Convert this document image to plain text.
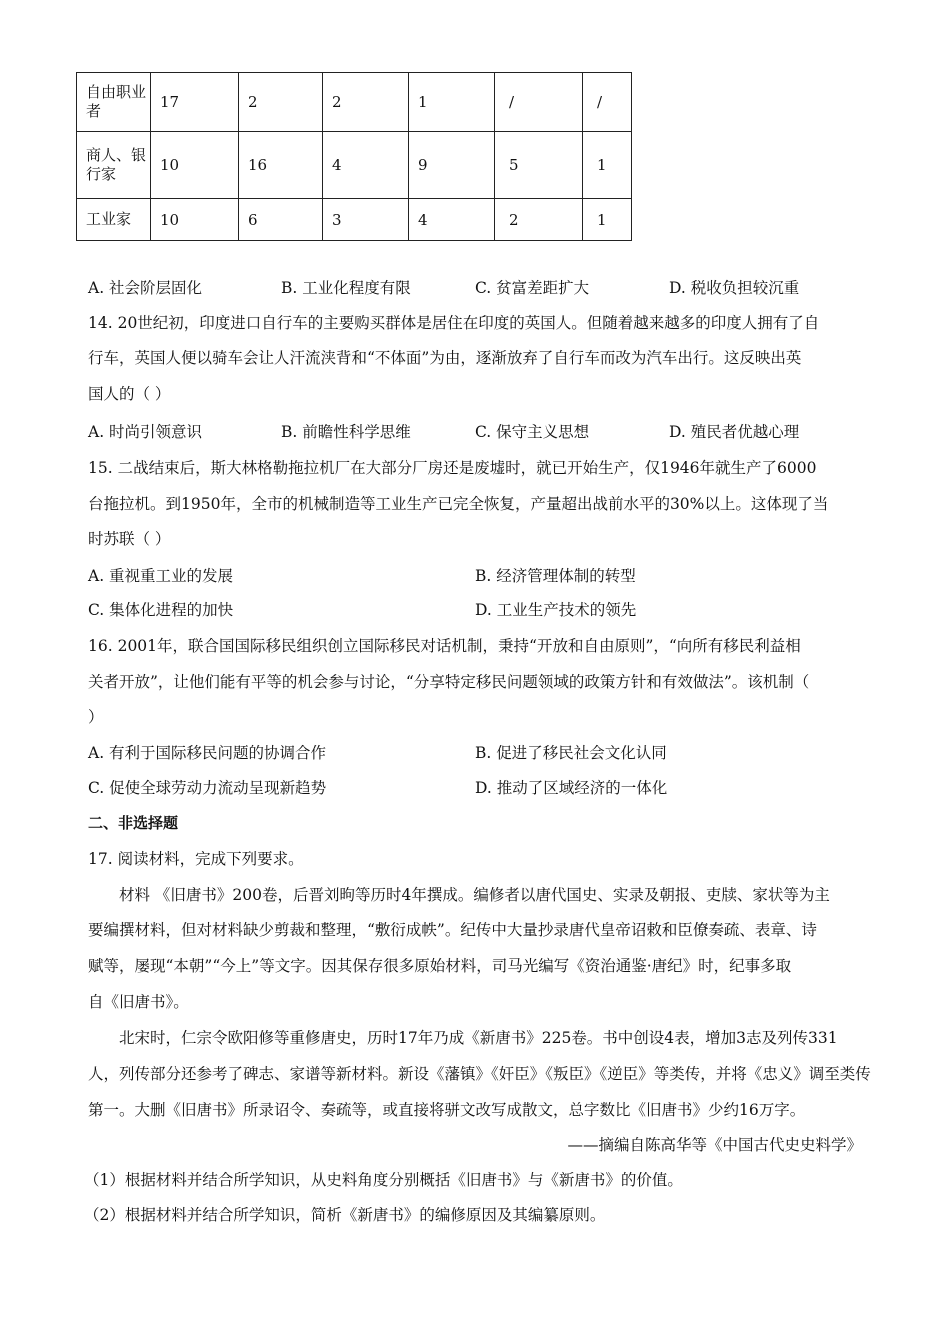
自由职业者	17	2	2	1	/	/
商人、银行家	10	16	4	9	5	1
工业家	10	6	3	4	2	1
A. 社会阶层固化	B. 工业化程度有限	C. 贫富差距扩大	D. 税收负担较沉重
14. 20世纪初，印度进口自行车的主要购买群体是居住在印度的英国人。但随着越来越多的印度人拥有了自
行车，英国人便以骑车会让人汗流浃背和“不体面”为由，逐渐放弃了自行车而改为汽车出行。这反映出英
国人的（ ）
A. 时尚引领意识	B. 前瞻性科学思维	C. 保守主义思想	D. 殖民者优越心理
15. 二战结束后，斯大林格勒拖拉机厂在大部分厂房还是废墟时，就已开始生产，仅1946年就生产了6000
台拖拉机。到1950年，全市的机械制造等工业生产已完全恢复，产量超出战前水平的30%以上。这体现了当
时苏联（ ）
A. 重视重工业的发展	B. 经济管理体制的转型
C. 集体化进程的加快	D. 工业生产技术的领先
16. 2001年，联合国国际移民组织创立国际移民对话机制，秉持“开放和自由原则”，“向所有移民利益相
关者开放”，让他们能有平等的机会参与讨论，“分享特定移民问题领域的政策方针和有效做法”。该机制（
）
A. 有利于国际移民问题的协调合作	B. 促进了移民社会文化认同
C. 促使全球劳动力流动呈现新趋势	D. 推动了区域经济的一体化
二、非选择题
17. 阅读材料，完成下列要求。
材料 《旧唐书》200卷，后晋刘昫等历时4年撰成。编修者以唐代国史、实录及朝报、吏牍、家状等为主
要编撰材料，但对材料缺少剪裁和整理，“敷衍成帙”。纪传中大量抄录唐代皇帝诏敕和臣僚奏疏、表章、诗
赋等，屡现“本朝”“今上”等文字。因其保存很多原始材料，司马光编写《资治通鉴·唐纪》时，纪事多取
自《旧唐书》。
北宋时，仁宗令欧阳修等重修唐史，历时17年乃成《新唐书》225卷。书中创设4表，增加3志及列传331
人，列传部分还参考了碑志、家谱等新材料。新设《藩镇》《奸臣》《叛臣》《逆臣》等类传，并将《忠义》调至类传
第一。大删《旧唐书》所录诏令、奏疏等，或直接将骈文改写成散文，总字数比《旧唐书》少约16万字。
——摘编自陈高华等《中国古代史史料学》
（1）根据材料并结合所学知识，从史料角度分别概括《旧唐书》与《新唐书》的价值。
（2）根据材料并结合所学知识，简析《新唐书》的编修原因及其编纂原则。
